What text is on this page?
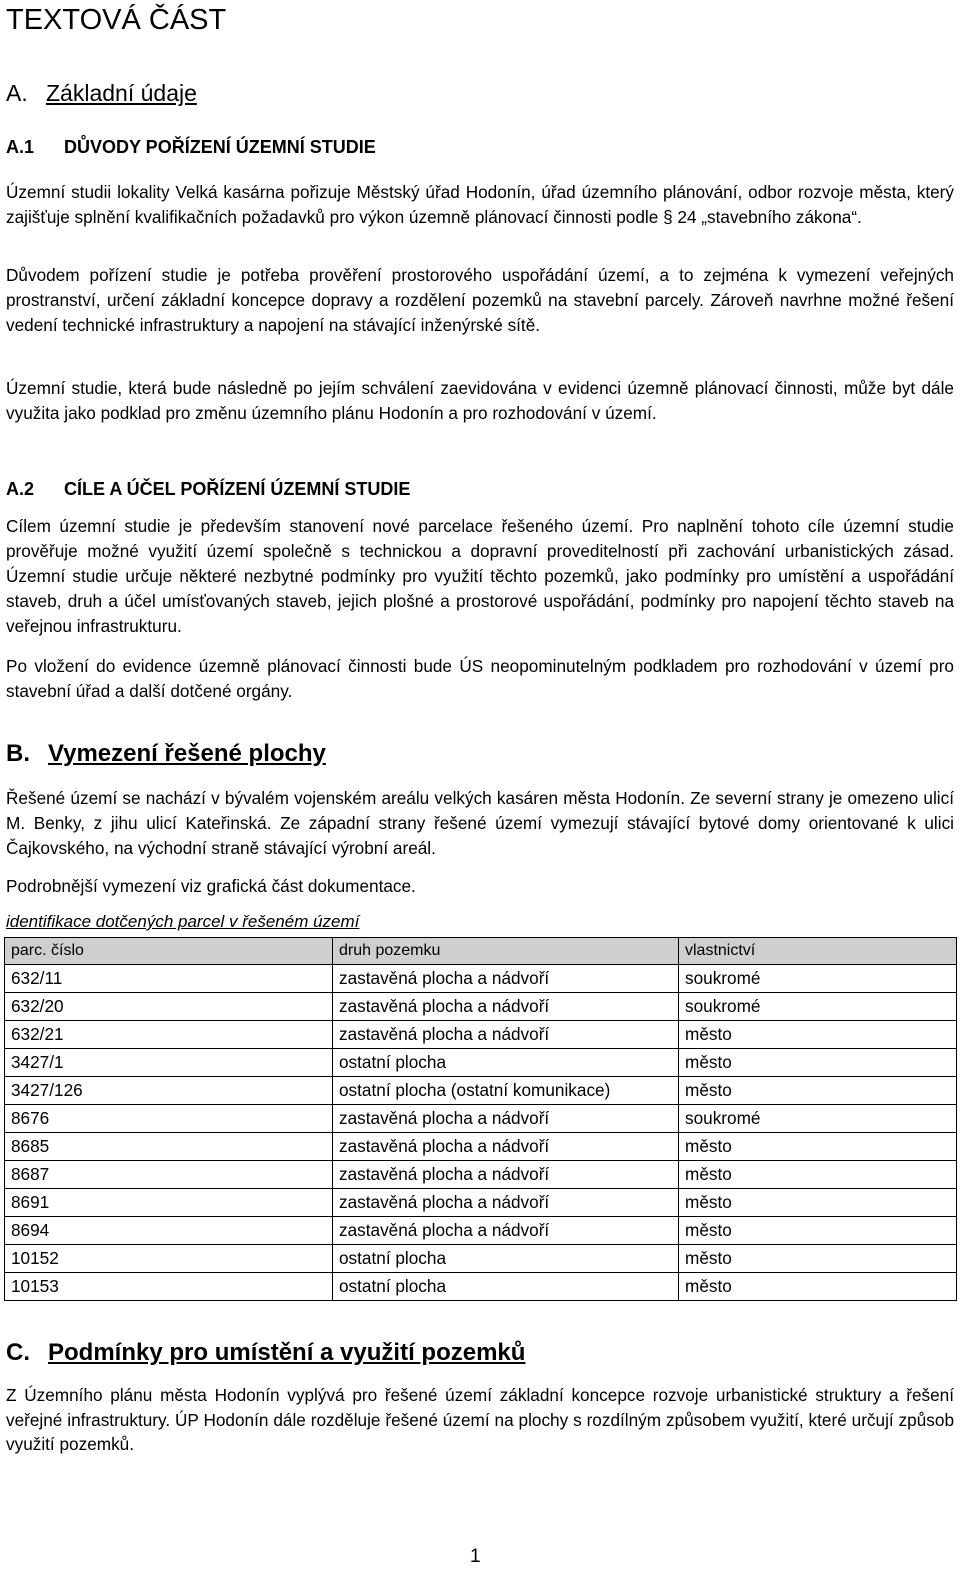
TEXTOVÁ ČÁST
A. Základní údaje
A.1 DŮVODY POŘÍZENÍ ÚZEMNÍ STUDIE

Územní studii lokality Velká kasárna pořizuje Městský úřad Hodonín, úřad územního plánování, odbor rozvoje města, který zajišťuje splnění kvalifikačních požadavků pro výkon územně plánovací činnosti podle § 24 „stavebního zákona“.

Důvodem pořízení studie je potřeba prověření prostorového uspořádání území, a to zejména k vymezení veřejných prostranství, určení základní koncepce dopravy a rozdělení pozemků na stavební parcely. Zároveň navrhne možné řešení vedení technické infrastruktury a napojení na stávající inženýrské sítě.

Územní studie, která bude následně po jejím schválení zaevidována v evidenci územně plánovací činnosti, může byt dále využita jako podklad pro změnu územního plánu Hodonín a pro rozhodování v území.

A.2 CÍLE A ÚČEL POŘÍZENÍ ÚZEMNÍ STUDIE

Cílem územní studie je především stanovení nové parcelace řešeného území. Pro naplnění tohoto cíle územní studie prověřuje možné využití území společně s technickou a dopravní proveditelností při zachování urbanistických zásad. Územní studie určuje některé nezbytné podmínky pro využití těchto pozemků, jako podmínky pro umístění a uspořádání staveb, druh a účel umísťovaných staveb, jejich plošné a prostorové uspořádání, podmínky pro napojení těchto staveb na veřejnou infrastrukturu.

Po vložení do evidence územně plánovací činnosti bude ÚS neopominutelným podkladem pro rozhodování v území pro stavební úřad a další dotčené orgány.

B. Vymezení řešené plochy

Řešené území se nachází v bývalém vojenském areálu velkých kasáren města Hodonín. Ze severní strany je omezeno ulicí M. Benky, z jihu ulicí Kateřinská. Ze západní strany řešené území vymezují stávající bytové domy orientované k ulici Čajkovského, na východní straně stávající výrobní areál.

Podrobnější vymezení viz grafická část dokumentace.

identifikace dotčených parcel v řešeném území
parc. číslo	druh pozemku	vlastnictví
632/11	zastavěná plocha a nádvoří	soukromé
632/20	zastavěná plocha a nádvoří	soukromé
632/21	zastavěná plocha a nádvoří	město
3427/1	ostatní plocha	město
3427/126	ostatní plocha (ostatní komunikace)	město
8676	zastavěná plocha a nádvoří	soukromé
8685	zastavěná plocha a nádvoří	město
8687	zastavěná plocha a nádvoří	město
8691	zastavěná plocha a nádvoří	město
8694	zastavěná plocha a nádvoří	město
10152	ostatní plocha	město
10153	ostatní plocha	město
C. Podmínky pro umístění a využití pozemků

Z Územního plánu města Hodonín vyplývá pro řešené území základní koncepce rozvoje urbanistické struktury a řešení veřejné infrastruktury. ÚP Hodonín dále rozděluje řešené území na plochy s rozdílným způsobem využití, které určují způsob využití pozemků.

1
